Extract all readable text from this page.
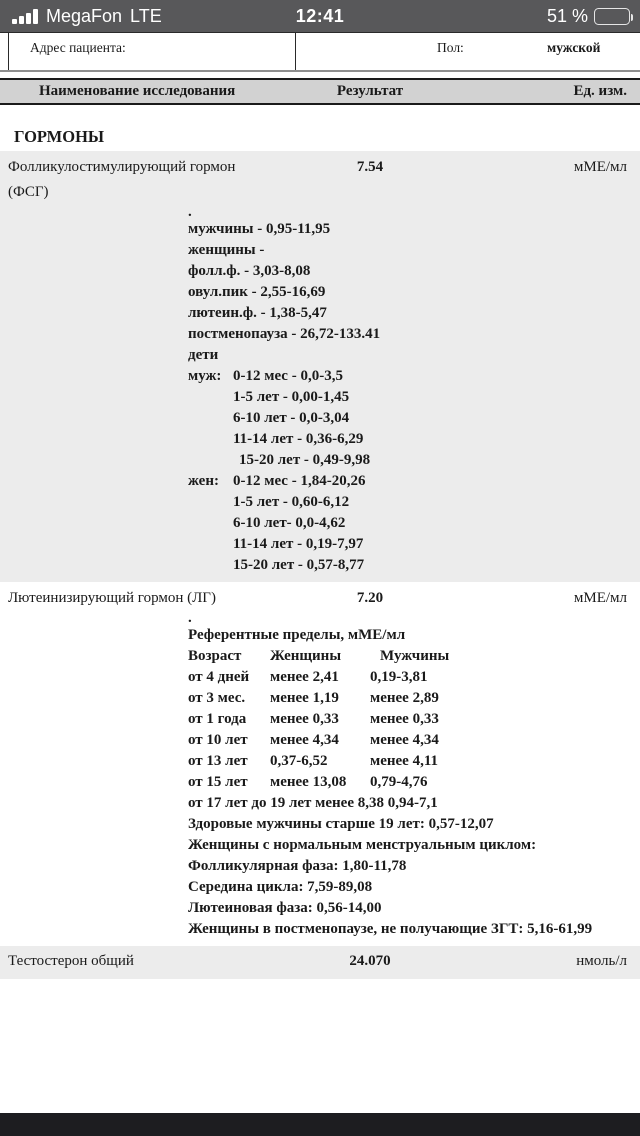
MegaFon LTE	12:41	51 %
Адрес пациента:	Пол:	мужской
Наименование исследования	Результат	Ед. изм.
ГОРМОНЫ
Фолликулостимулирующий гормон
(ФСГ)
7.54	мМЕ/мл
.
мужчины - 0,95-11,95
женщины -
фолл.ф. - 3,03-8,08
овул.пик - 2,55-16,69
лютеин.ф. - 1,38-5,47
постменопауза - 26,72-133.41
дети
муж: 0-12 мес - 0,0-3,5
1-5 лет - 0,00-1,45
6-10 лет - 0,0-3,04
11-14 лет - 0,36-6,29
15-20 лет - 0,49-9,98
жен: 0-12 мес - 1,84-20,26
1-5 лет - 0,60-6,12
6-10 лет- 0,0-4,62
11-14 лет - 0,19-7,97
15-20 лет - 0,57-8,77
Лютеинизирующий гормон (ЛГ)	7.20	мМЕ/мл
.
Референтные пределы, мМЕ/мл
Возраст	Женщины	Мужчины
от 4 дней	менее 2,41	0,19-3,81
от 3 мес.	менее 1,19	менее 2,89
от 1 года	менее 0,33	менее 0,33
от 10 лет	менее 4,34	менее 4,34
от 13 лет	0,37-6,52	менее 4,11
от 15 лет	менее 13,08	0,79-4,76
от 17 лет до 19 лет менее 8,38 0,94-7,1
Здоровые мужчины старше 19 лет: 0,57-12,07
Женщины с нормальным менструальным циклом:
Фолликулярная фаза: 1,80-11,78
Середина цикла: 7,59-89,08
Лютеиновая фаза: 0,56-14,00
Женщины в постменопаузе, не получающие ЗГТ: 5,16-61,99
Тестостерон общий	24.070	нмоль/л
